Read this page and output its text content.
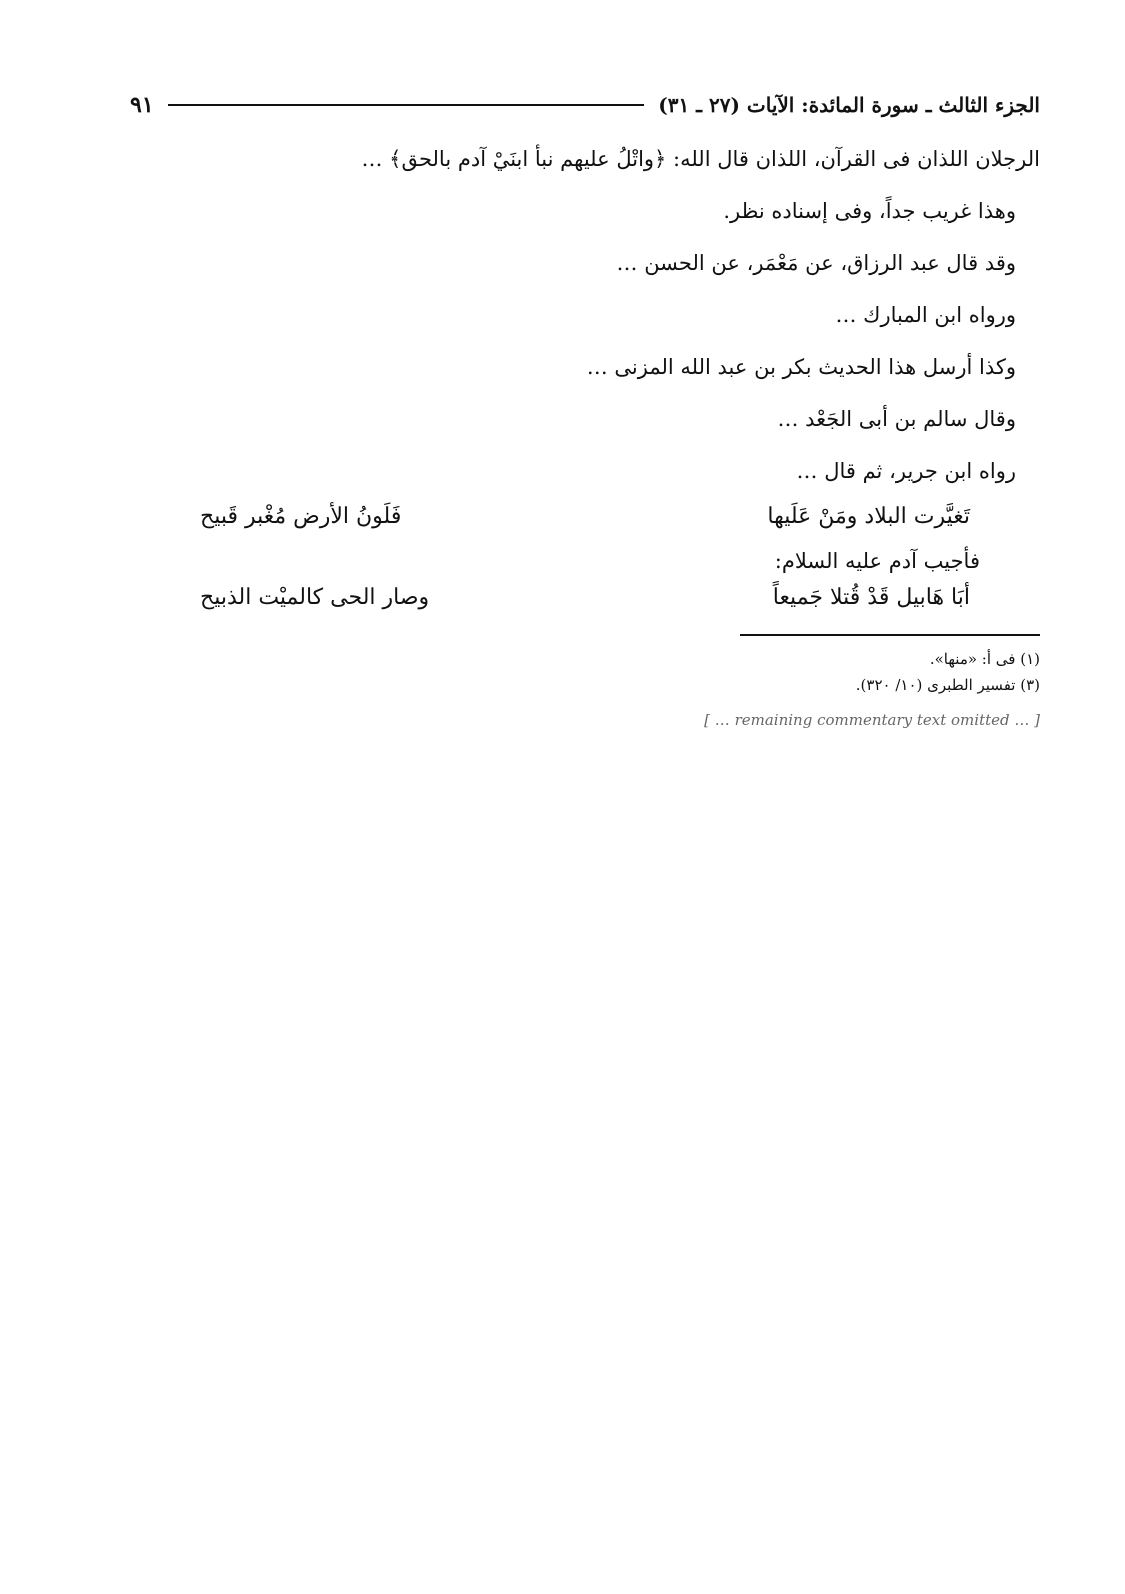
الجزء الثالث ـ سورة المائدة: الآيات (٢٧ ـ ٣١)
٩١

الرجلان اللذان فى القرآن، اللذان قال الله: ﴿واتْلُ عليهم نبأ ابنَيْ آدم بالحق﴾ …

وهذا غريب جداً، وفى إسناده نظر.

وقد قال عبد الرزاق، عن مَعْمَر، عن الحسن …

ورواه ابن المبارك …

وكذا أرسل هذا الحديث بكر بن عبد الله المزنى …

وقال سالم بن أبى الجَعْد …

رواه ابن جرير، ثم قال …

تَغيَّرت البلاد ومَنْ عَلَيها
فَلَونُ الأرض مُغْبر قَبيح
فأجيب آدم عليه السلام:
أبَا هَابيل قَدْ قُتلا جَميعاً
وصار الحى كالميْت الذبيح
(١) فى أ: «منها».
(٣) تفسير الطبرى (١٠/ ٣٢٠).
[ … remaining commentary text omitted … ]
